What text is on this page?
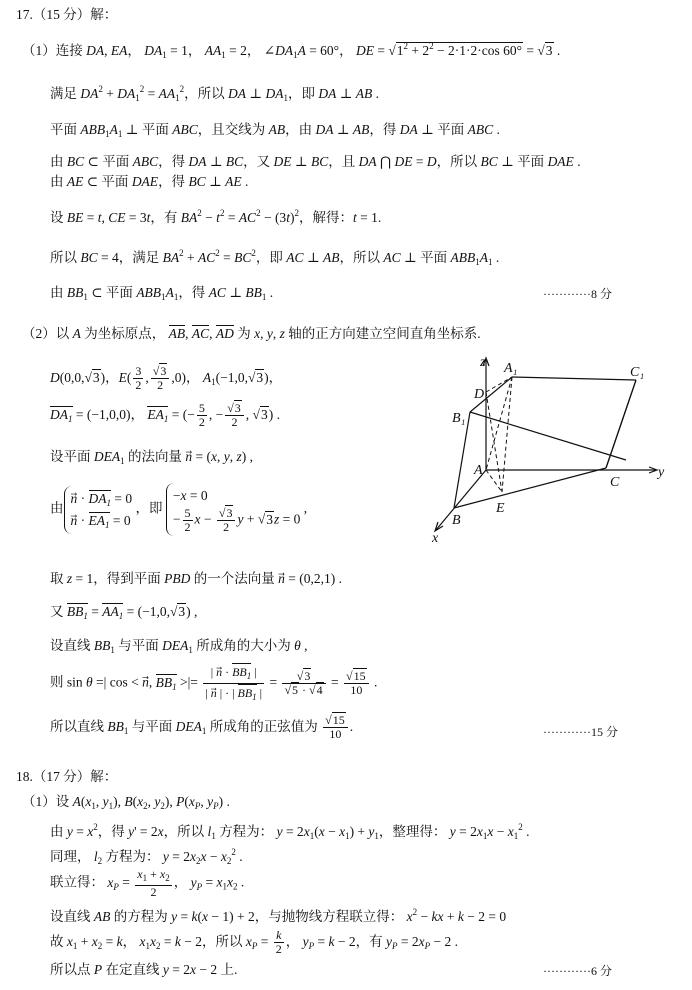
17.（15 分）解：
（1）连接 DA, EA， $DA_1 = 1$， $AA_1 = 2$， $\angle DA_1A = 60^\circ$， DE = $√1^2 + 2^2 - 2\cdot 1\cdot 2\cdot\cos$ 60° = √3 .
满足 $DA^2 + DA_1^2 = AA_1^2$，所以 DA ⊥ $DA_1$，即 DA ⊥ AB .
平面 $ABB_1A_1$ ⊥ 平面 ABC，且交线为 AB，由 DA ⊥ AB，得 DA ⊥ 平面 ABC .
由 BC ⊂ 平面 ABC，得 DA ⊥ BC，又 DE ⊥ BC，且 DA ⋂ DE = D，所以 BC ⊥ 平面 DAE .
由 AE ⊂ 平面 DAE，得 BC ⊥ AE .
设 BE = t, CE = 3t，有 $BA^2 - t^2 = AC^2 - (3t)^2$，解得：t = 1.
所以 BC = 4，满足 $BA^2 + AC^2 = BC^2$，即 AC ⊥ AB，所以 AC ⊥ 平面 $ABB_1A_1$ .
由 $BB_1$ ⊂ 平面 $ABB_1A_1$，得 AC ⊥ $BB_1$ .	············8 分
（2）以 A 为坐标原点， AB, AC, AD 为 x, y, z 轴的正方向建立空间直角坐标系.
D(0,0,√3)，$E( \frac{3}{2}$ , $\frac{√3}{2} ,0$)， $A_1(-1,0,√3)$，
$DA_1 = (-1,0,0)$， $EA_1$ = (− $\frac{5}{2}$ , − $\frac{√3}{2}$ , √3) .
设平面 $DEA_1$ 的法向量 n⃗ = (x, y, z) ,
由n⃗ · $DA_1 = 0$
n⃗ · $EA_1 = 0$ ，即 −x = 0
− $\frac{5}{2}$ $x - \frac{√3}{2}$ y + √3z = 0 ,
取 z = 1，得到平面 PBD 的一个法向量 n⃗ = (0,2,1) .
又 $BB_1 = AA_1 = (-1,0,√3)$ ,
设直线 $BB_1$ 与平面 $DEA_1$ 所成角的大小为 θ ,
则 sin θ =| cos < n⃗, $BB_1$ >|= $\frac{| n⃗ \cdot BB_1 |}{| n⃗ | \cdot | BB_1 |} = \frac{√3}{√5 \cdot √4} = \frac{√15}{10}$ .
所以直线 $BB_1$ 与平面 $DEA_1$ 所成角的正弦值为 $\frac{√15}{10}$ .	············15 分
z A₁	C₁
D
B₁
A	y
C
B
E
x
18.（17 分）解：
（1）设 $A(x_1$, $y_1$), $B(x_2$, $y_2$), $P(x_P$, $y_P$) .
由 $y = x^2$，得 y' = 2x，所以 $l_1$ 方程为： $y = 2x_1(x - x_1) + y_1$，整理得： $y = 2x_1x - x_1^2$ .
同理， $l_2$ 方程为： $y = 2x_2x - x_2^2$ .
联立得： $x_P = \frac{x_1 + x_2}{2}$ ， $y_P = x_1x_2$ .
设直线 AB 的方程为 y = k(x − 1) + 2，与抛物线方程联立得： $x^2$ − kx + k − 2 = 0
故 $x_1 + x_2 = k$， $x_1x_2 = k - 2$，所以 $x_P = \frac{k}{2}$ ， $y_P = k - 2$，有 $y_P = 2x_P - 2$ .
所以点 P 在定直线 y = 2x − 2 上.	············6 分
